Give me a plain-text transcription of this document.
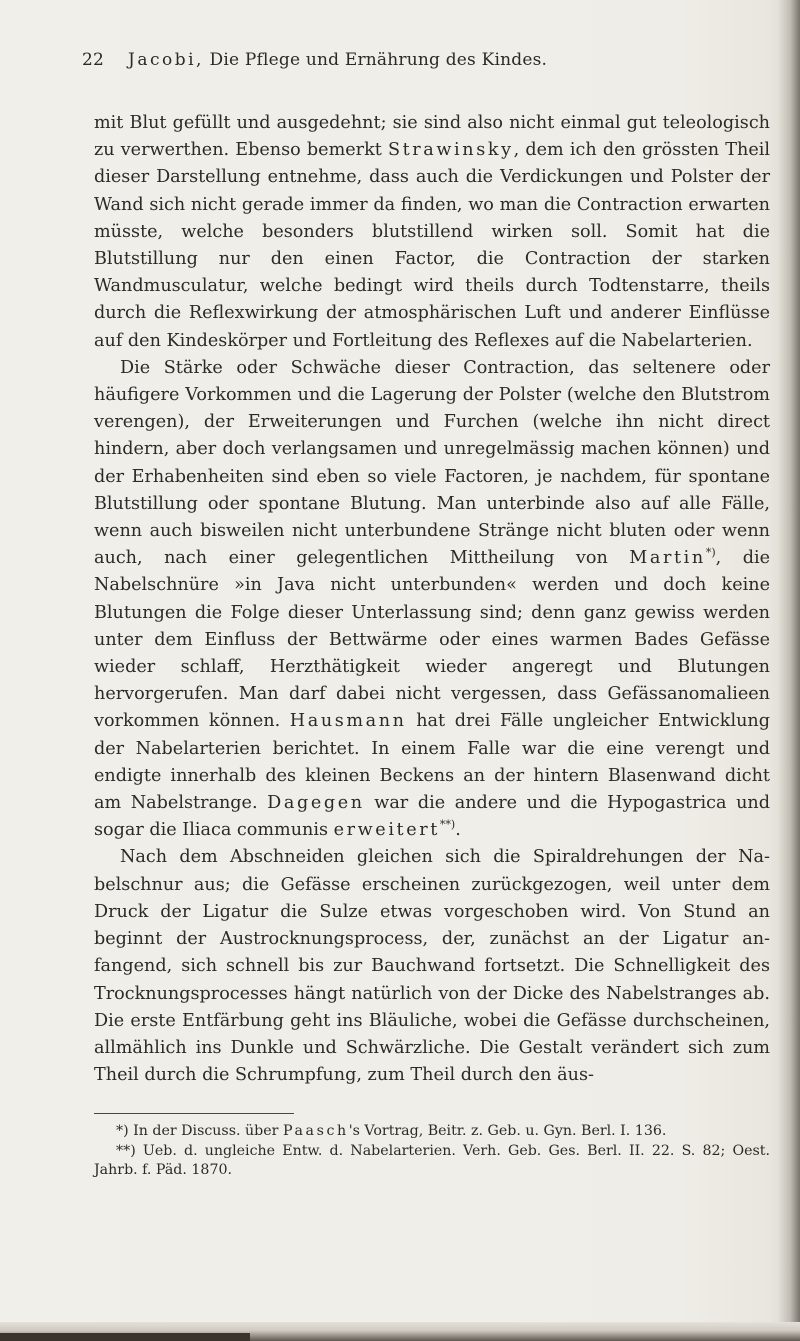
22 Jacobi, Die Pflege und Ernährung des Kindes.

mit Blut gefüllt und ausgedehnt; sie sind also nicht einmal gut teleologisch zu verwerthen. Ebenso bemerkt Strawinsky, dem ich den grössten Theil dieser Darstellung entnehme, dass auch die Verdickungen und Polster der Wand sich nicht gerade immer da finden, wo man die Contraction erwarten müsste, welche besonders blutstillend wirken soll. Somit hat die Blutstillung nur den einen Factor, die Contraction der starken Wandmusculatur, welche bedingt wird theils durch Todtenstarre, theils durch die Reflexwirkung der atmosphärischen Luft und anderer Einflüsse auf den Kindeskörper und Fortleitung des Reflexes auf die Nabelarterien.

Die Stärke oder Schwäche dieser Contraction, das seltenere oder häufigere Vorkommen und die Lagerung der Polster (welche den Blutstrom verengen), der Erweiterungen und Furchen (welche ihn nicht direct hindern, aber doch verlangsamen und unregelmässig machen können) und der Erhabenheiten sind eben so viele Factoren, je nachdem, für spontane Blutstillung oder spontane Blutung. Man unterbinde also auf alle Fälle, wenn auch bisweilen nicht unterbundene Stränge nicht bluten oder wenn auch, nach einer gelegentlichen Mittheilung von Martin*), die Nabelschnüre »in Java nicht unterbunden« werden und doch keine Blutungen die Folge dieser Unterlassung sind; denn ganz gewiss werden unter dem Einfluss der Bettwärme oder eines warmen Bades Gefässe wieder schlaff, Herzthätigkeit wieder angeregt und Blutungen hervorgerufen. Man darf dabei nicht vergessen, dass Gefässanomalieen vorkommen können. Hausmann hat drei Fälle ungleicher Entwicklung der Nabelarterien berichtet. In einem Falle war die eine verengt und endigte innerhalb des kleinen Beckens an der hintern Blasenwand dicht am Nabelstrange. Dagegen war die andere und die Hypogastrica und sogar die Iliaca communis erweitert**).

Nach dem Abschneiden gleichen sich die Spiraldrehungen der Nabelschnur aus; die Gefässe erscheinen zurückgezogen, weil unter dem Druck der Ligatur die Sulze etwas vorgeschoben wird. Von Stund an beginnt der Austrocknungsprocess, der, zunächst an der Ligatur anfangend, sich schnell bis zur Bauchwand fortsetzt. Die Schnelligkeit des Trocknungsprocesses hängt natürlich von der Dicke des Nabelstranges ab. Die erste Entfärbung geht ins Bläuliche, wobei die Gefässe durchscheinen, allmählich ins Dunkle und Schwärzliche. Die Gestalt verändert sich zum Theil durch die Schrumpfung, zum Theil durch den äus-

*) In der Discuss. über Paasch's Vortrag, Beitr. z. Geb. u. Gyn. Berl. I. 136.

**) Ueb. d. ungleiche Entw. d. Nabelarterien. Verh. Geb. Ges. Berl. II. 22. S. 82; Oest. Jahrb. f. Päd. 1870.
